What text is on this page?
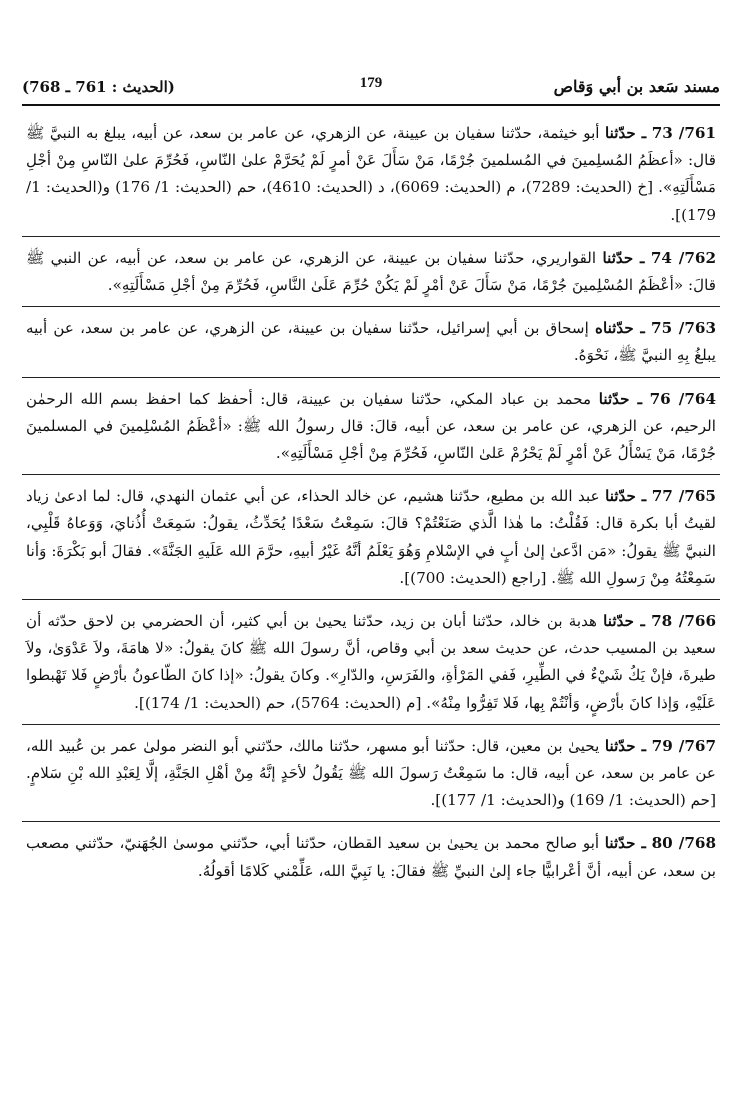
مسند سَعد بن أبي وَقاص
179
(الحديث : 761 ـ 768)

761/ 73 ـ حدّثنا أبو خيثمة، حدّثنا سفيان بن عيينة، عن الزهري، عن عامر بن سعد، عن أبيه، يبلغ به النبيَّ ﷺ قال: «أعظَمُ المُسلِمينَ في المُسلمينَ جُرْمًا، مَنْ سَأَلَ عَنْ أمرٍ لَمْ يُحَرَّمْ علىٰ النّاسِ، فَحُرِّمَ علىٰ النّاسِ مِنْ أجْلِ مَسْأَلَتِهِ». [خ (الحديث: 7289)، م (الحديث: 6069)، د (الحديث: 4610)، حم (الحديث: 1/ 176) و(الحديث: 1/ 179)].

762/ 74 ـ حدّثنا القواريري، حدّثنا سفيان بن عيينة، عن الزهري، عن عامر بن سعد، عن أبيه، عن النبي ﷺ قالَ: «أعْظَمُ المُسْلِمينَ جُرْمًا، مَنْ سَأَلَ عَنْ أمْرٍ لَمْ يَكُنْ حُرِّمَ عَلَىٰ النَّاسِ، فَحُرِّمَ مِنْ أجْلِ مَسْأَلَتِهِ».

763/ 75 ـ حدّثناه إسحاق بن أبي إسرائيل، حدّثنا سفيان بن عيينة، عن الزهري، عن عامر بن سعد، عن أبيه يبلغُ بِهِ النبيَّ ﷺ، نَحْوَهُ.

764/ 76 ـ حدّثنا محمد بن عباد المكي، حدّثنا سفيان بن عيينة، قال: أحفظ كما احفظ بسم الله الرحمٰن الرحيم، عن الزهري، عن عامر بن سعد، عن أبيه، قالَ: قال رسولُ الله ﷺ: «أعْظَمُ المُسْلِمينَ في المسلمينَ جُرْمًا، مَنْ يَسْأَلُ عَنْ أمْرٍ لَمْ يَحْرُمْ عَلىٰ النّاسِ، فَحُرِّمَ مِنْ أجْلِ مَسْأَلَتِهِ».

765/ 77 ـ حدّثنا عبد الله بن مطيع، حدّثنا هشيم، عن خالد الحذاء، عن أبي عثمان النهدي، قال: لما ادعىٰ زياد لقيتُ أبا بكرة قال: فَقُلْتُ: ما هٰذا الَّذي صَنَعْتُمْ؟ قالَ: سَمِعْتُ سَعْدًا يُحَدِّثُ، يقولُ: سَمِعَتْ أُذُنايَ، وَوَعاهُ قَلْبِي، النبيَّ ﷺ يقولُ: «مَن ادَّعىٰ إلىٰ أبٍ في الإسْلامِ وَهُوَ يَعْلَمُ أنَّهُ غَيْرُ أبيهِ، حرَّمَ الله عَلَيهِ الجَنَّةَ». فقالَ أبو بَكْرَةَ: وَأنا سَمِعْتُهُ مِنْ رَسولِ الله ﷺ. [راجع (الحديث: 700)].

766/ 78 ـ حدّثنا هدبة بن خالد، حدّثنا أبان بن زيد، حدّثنا يحيىٰ بن أبي كثير، أن الحضرمي بن لاحق حدّثه أن سعيد بن المسيب حدث، عن حديث سعد بن أبي وقاص، أنَّ رسولَ الله ﷺ كانَ يقولُ: «لا هامَةَ، ولاَ عَدْوَىٰ، ولاَ طيرةَ، فإنْ يَكُ شَيْءٌ في الطِّيرِ، فَفي المَرْأةِ، والفَرَسِ، والدّارِ». وكانَ يقولُ: «إذا كانَ الطّاعونُ بأرْضٍ فَلا تَهْبطوا عَلَيْهِ، وَإذا كانَ بأرْضٍ، وَأنْتُمْ بِها، فَلا تَفِرُّوا مِنْهُ». [م (الحديث: 5764)، حم (الحديث: 1/ 174)].

767/ 79 ـ حدّثنا يحيىٰ بن معين، قال: حدّثنا أبو مسهر، حدّثنا مالك، حدّثني أبو النضر مولىٰ عمر بن عُبيد الله، عن عامر بن سعد، عن أبيه، قال: ما سَمِعْتُ رَسولَ الله ﷺ يَقُولُ لأحَدٍ إنَّهُ مِنْ أهْلِ الجَنَّةِ، إلَّا لِعَبْدِ الله بْنِ سَلامٍ. [حم (الحديث: 1/ 169) و(الحديث: 1/ 177)].

768/ 80 ـ حدّثنا أبو صالح محمد بن يحيىٰ بن سعيد القطان، حدّثنا أبي، حدّثني موسىٰ الجُهَنيّ، حدّثني مصعب بن سعد، عن أبيه، أنَّ أعْرابيًّا جاء إلىٰ النبيِّ ﷺ فقالَ: يا نَبِيَّ الله، عَلِّمْني كَلامًا أقولُهُ.
